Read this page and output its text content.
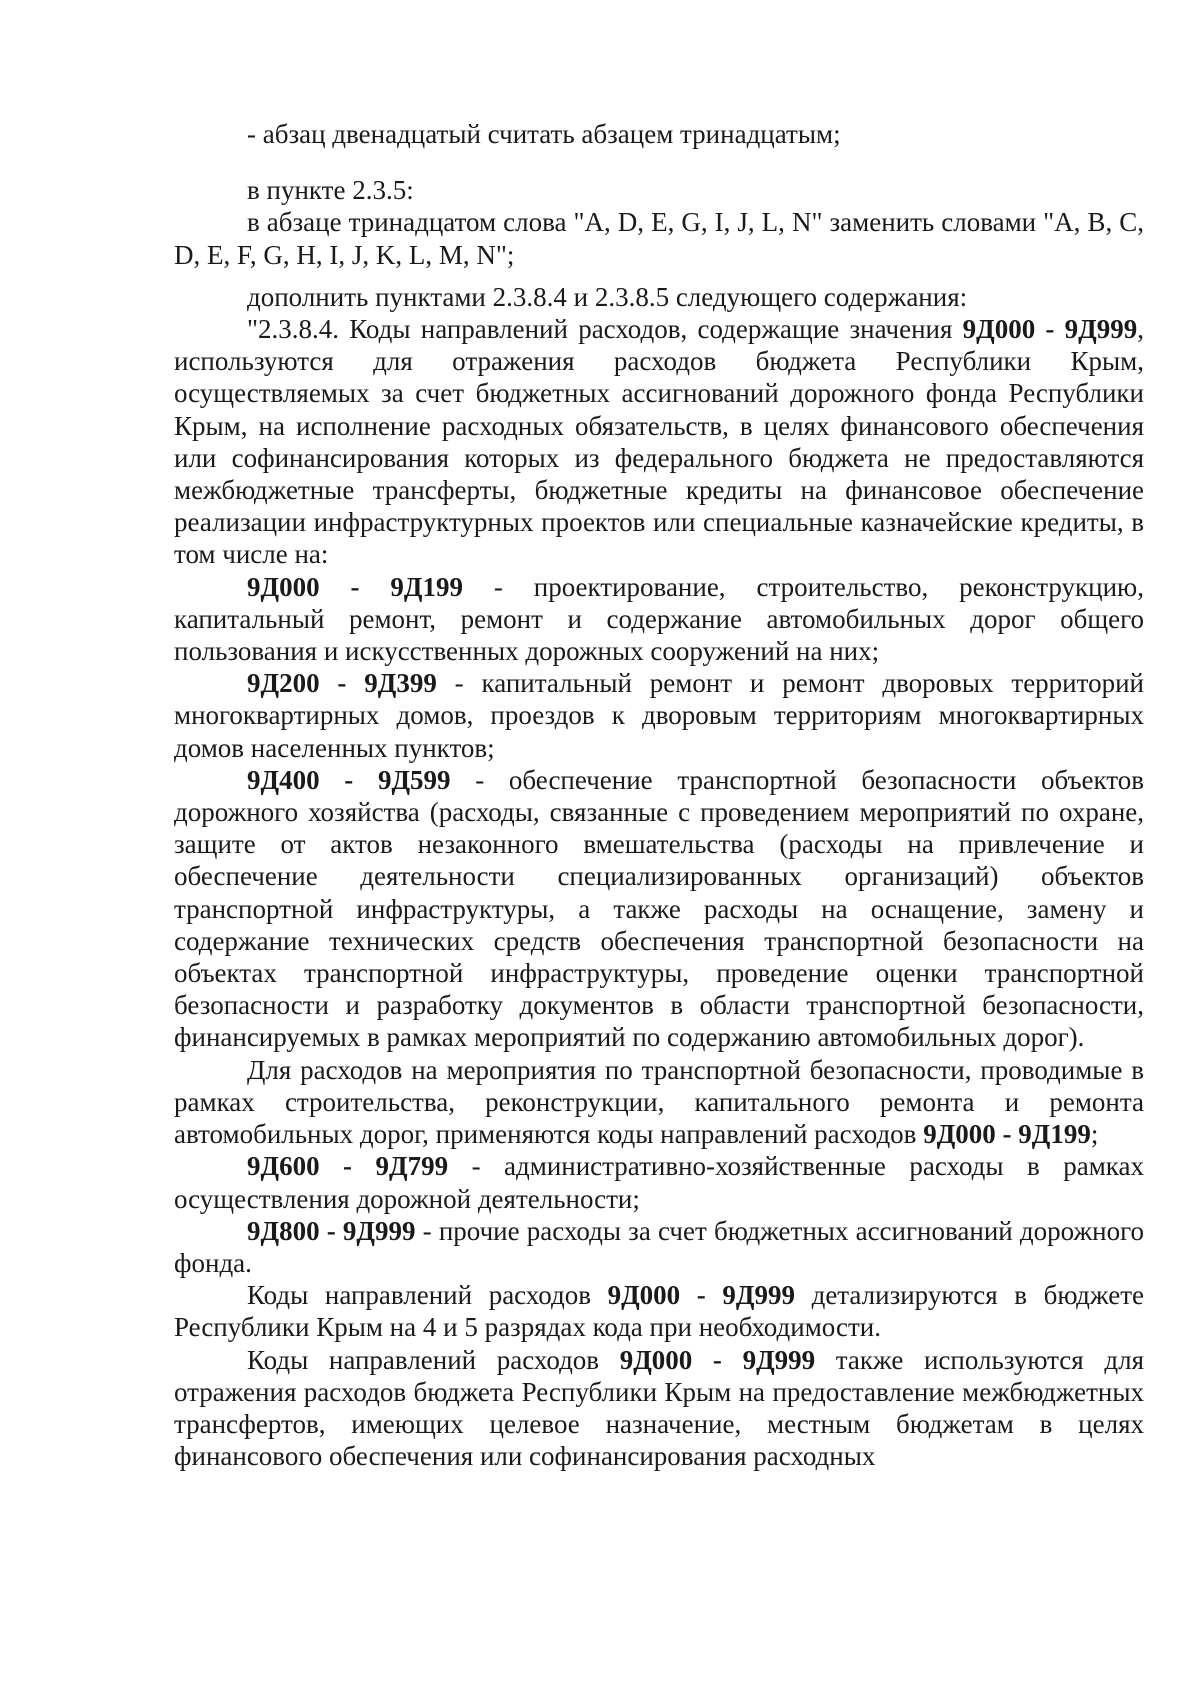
- абзац двенадцатый считать абзацем тринадцатым;

в пункте 2.3.5:

в абзаце тринадцатом слова "A, D, E, G, I, J, L, N" заменить словами "A, B, C, D, E, F, G, H, I, J, K, L, M, N";

дополнить пунктами 2.3.8.4 и 2.3.8.5 следующего содержания:

"2.3.8.4. Коды направлений расходов, содержащие значения 9Д000 - 9Д999, используются для отражения расходов бюджета Республики Крым, осуществляемых за счет бюджетных ассигнований дорожного фонда Республики Крым, на исполнение расходных обязательств, в целях финансового обеспечения или софинансирования которых из федерального бюджета не предоставляются межбюджетные трансферты, бюджетные кредиты на финансовое обеспечение реализации инфраструктурных проектов или специальные казначейские кредиты, в том числе на:

9Д000 - 9Д199 - проектирование, строительство, реконструкцию, капитальный ремонт, ремонт и содержание автомобильных дорог общего пользования и искусственных дорожных сооружений на них;

9Д200 - 9Д399 - капитальный ремонт и ремонт дворовых территорий многоквартирных домов, проездов к дворовым территориям многоквартирных домов населенных пунктов;

9Д400 - 9Д599 - обеспечение транспортной безопасности объектов дорожного хозяйства (расходы, связанные с проведением мероприятий по охране, защите от актов незаконного вмешательства (расходы на привлечение и обеспечение деятельности специализированных организаций) объектов транспортной инфраструктуры, а также расходы на оснащение, замену и содержание технических средств обеспечения транспортной безопасности на объектах транспортной инфраструктуры, проведение оценки транспортной безопасности и разработку документов в области транспортной безопасности, финансируемых в рамках мероприятий по содержанию автомобильных дорог).

Для расходов на мероприятия по транспортной безопасности, проводимые в рамках строительства, реконструкции, капитального ремонта и ремонта автомобильных дорог, применяются коды направлений расходов 9Д000 - 9Д199;

9Д600 - 9Д799 - административно-хозяйственные расходы в рамках осуществления дорожной деятельности;

9Д800 - 9Д999 - прочие расходы за счет бюджетных ассигнований дорожного фонда.

Коды направлений расходов 9Д000 - 9Д999 детализируются в бюджете Республики Крым на 4 и 5 разрядах кода при необходимости.

Коды направлений расходов 9Д000 - 9Д999 также используются для отражения расходов бюджета Республики Крым на предоставление межбюджетных трансфертов, имеющих целевое назначение, местным бюджетам в целях финансового обеспечения или софинансирования расходных
